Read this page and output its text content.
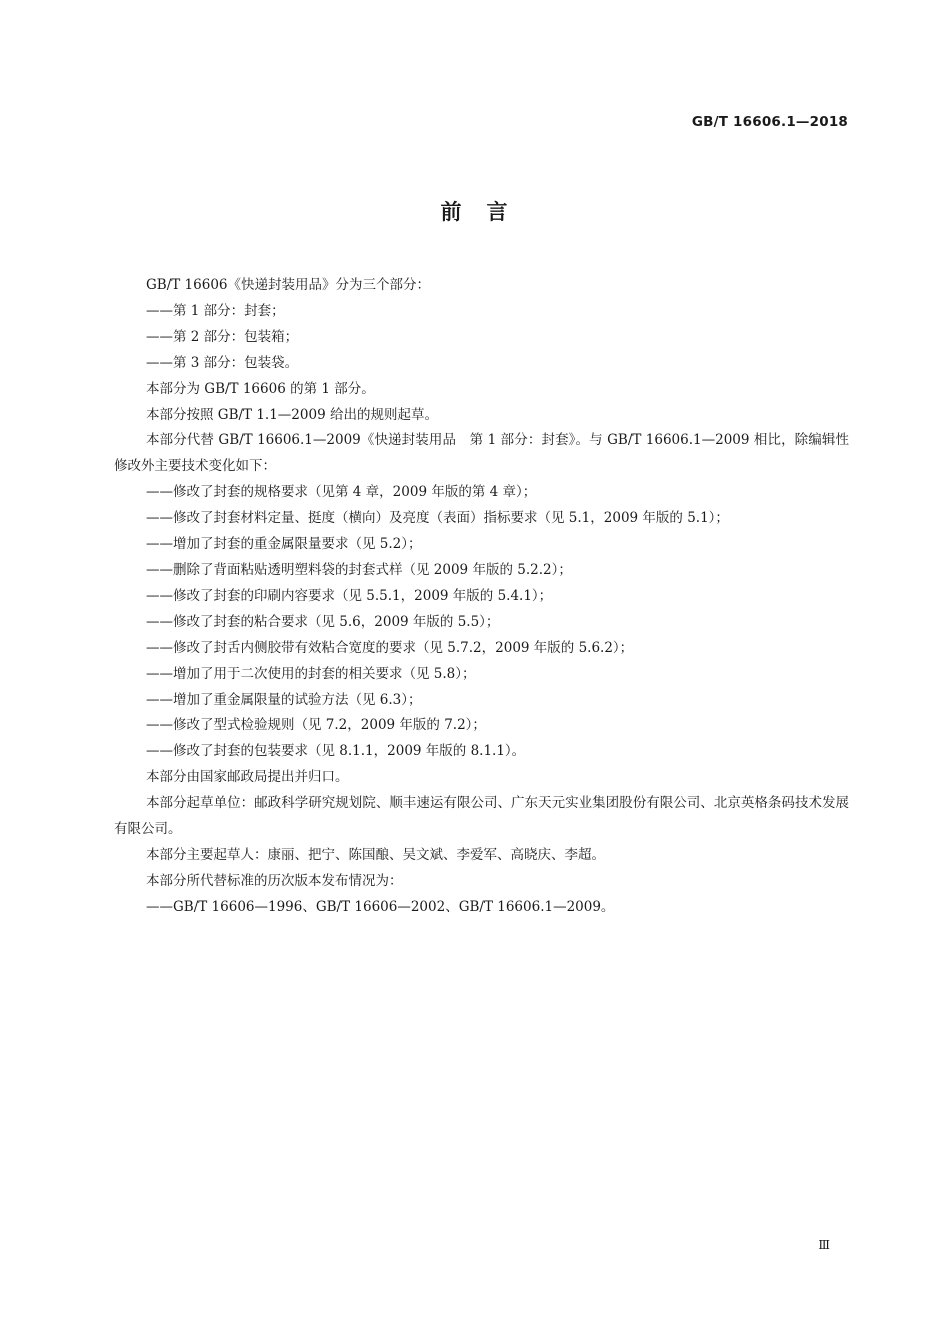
GB/T 16606.1—2018
前　言

GB/T 16606《快递封装用品》分为三个部分：

——第 1 部分：封套；

——第 2 部分：包装箱；

——第 3 部分：包装袋。

本部分为 GB/T 16606 的第 1 部分。

本部分按照 GB/T 1.1—2009 给出的规则起草。

本部分代替 GB/T 16606.1—2009《快递封装用品　第 1 部分：封套》。与 GB/T 16606.1—2009 相比，除编辑性修改外主要技术变化如下：

——修改了封套的规格要求（见第 4 章，2009 年版的第 4 章）；

——修改了封套材料定量、挺度（横向）及亮度（表面）指标要求（见 5.1，2009 年版的 5.1）；

——增加了封套的重金属限量要求（见 5.2）；

——删除了背面粘贴透明塑料袋的封套式样（见 2009 年版的 5.2.2）；

——修改了封套的印刷内容要求（见 5.5.1，2009 年版的 5.4.1）；

——修改了封套的粘合要求（见 5.6，2009 年版的 5.5）；

——修改了封舌内侧胶带有效粘合宽度的要求（见 5.7.2，2009 年版的 5.6.2）；

——增加了用于二次使用的封套的相关要求（见 5.8）；

——增加了重金属限量的试验方法（见 6.3）；

——修改了型式检验规则（见 7.2，2009 年版的 7.2）；

——修改了封套的包装要求（见 8.1.1，2009 年版的 8.1.1）。

本部分由国家邮政局提出并归口。

本部分起草单位：邮政科学研究规划院、顺丰速运有限公司、广东天元实业集团股份有限公司、北京英格条码技术发展有限公司。

本部分主要起草人：康丽、把宁、陈国酿、吴文斌、李爱军、高晓庆、李超。

本部分所代替标准的历次版本发布情况为：

——GB/T 16606—1996、GB/T 16606—2002、GB/T 16606.1—2009。

Ⅲ
